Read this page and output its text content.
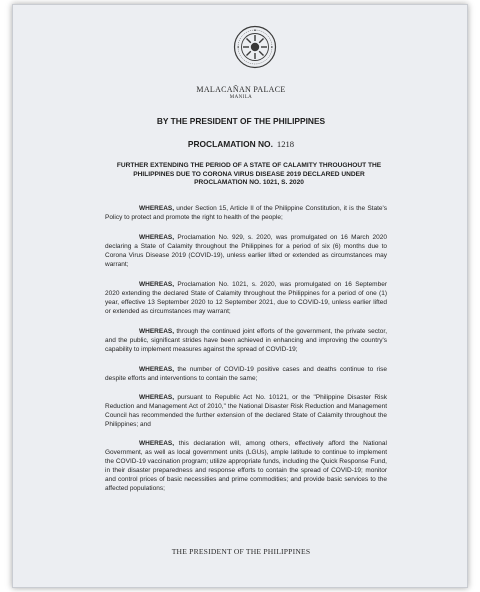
MALACAÑAN PALACE
MANILA
BY THE PRESIDENT OF THE PHILIPPINES
PROCLAMATION NO. 1218
FURTHER EXTENDING THE PERIOD OF A STATE OF CALAMITY THROUGHOUT THE PHILIPPINES DUE TO CORONA VIRUS DISEASE 2019 DECLARED UNDER PROCLAMATION NO. 1021, S. 2020
WHEREAS, under Section 15, Article II of the Philippine Constitution, it is the State's Policy to protect and promote the right to health of the people;
WHEREAS, Proclamation No. 929, s. 2020, was promulgated on 16 March 2020 declaring a State of Calamity throughout the Philippines for a period of six (6) months due to Corona Virus Disease 2019 (COVID-19), unless earlier lifted or extended as circumstances may warrant;
WHEREAS, Proclamation No. 1021, s. 2020, was promulgated on 16 September 2020 extending the declared State of Calamity throughout the Philippines for a period of one (1) year, effective 13 September 2020 to 12 September 2021, due to COVID-19, unless earlier lifted or extended as circumstances may warrant;
WHEREAS, through the continued joint efforts of the government, the private sector, and the public, significant strides have been achieved in enhancing and improving the country's capability to implement measures against the spread of COVID-19;
WHEREAS, the number of COVID-19 positive cases and deaths continue to rise despite efforts and interventions to contain the same;
WHEREAS, pursuant to Republic Act No. 10121, or the "Philippine Disaster Risk Reduction and Management Act of 2010," the National Disaster Risk Reduction and Management Council has recommended the further extension of the declared State of Calamity throughout the Philippines; and
WHEREAS, this declaration will, among others, effectively afford the National Government, as well as local government units (LGUs), ample latitude to continue to implement the COVID-19 vaccination program; utilize appropriate funds, including the Quick Response Fund, in their disaster preparedness and response efforts to contain the spread of COVID-19; monitor and control prices of basic necessities and prime commodities; and provide basic services to the affected populations;
THE PRESIDENT OF THE PHILIPPINES
